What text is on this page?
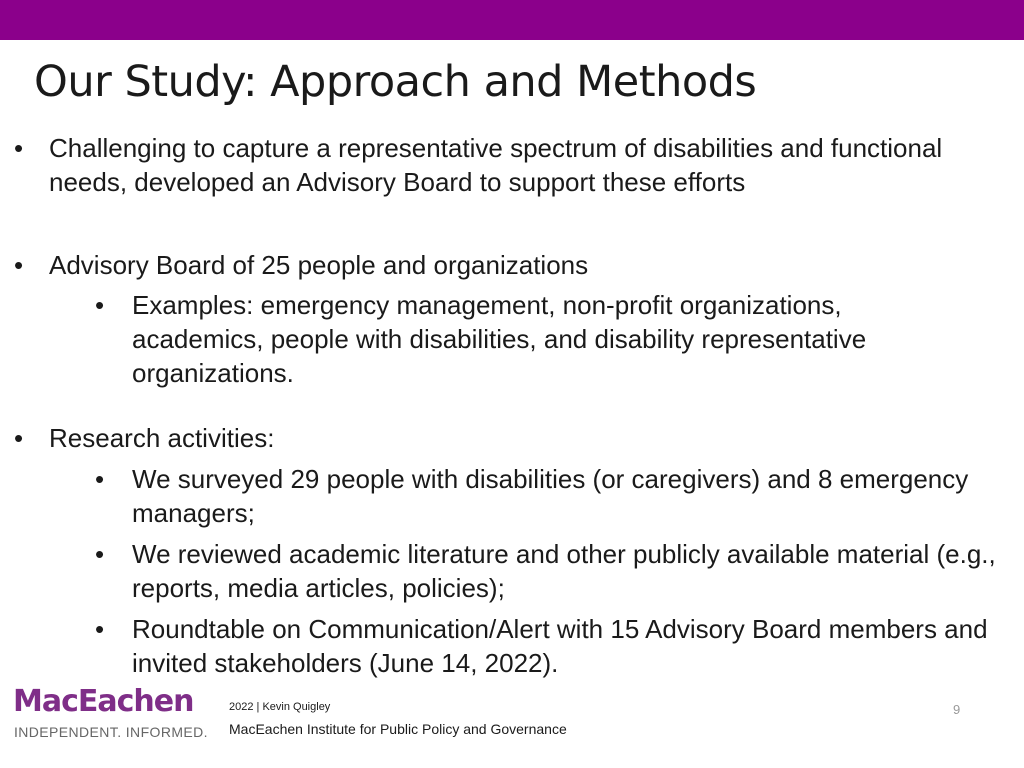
Our Study: Approach and Methods
• Challenging to capture a representative spectrum of disabilities and functional needs, developed an Advisory Board to support these efforts
• Advisory Board of 25 people and organizations
• Examples: emergency management, non-profit organizations, academics, people with disabilities, and disability representative organizations.
• Research activities:
• We surveyed 29 people with disabilities (or caregivers) and 8 emergency managers;
• We reviewed academic literature and other publicly available material (e.g., reports, media articles, policies);
• Roundtable on Communication/Alert with 15 Advisory Board members and invited stakeholders (June 14, 2022).
MacEachen
INDEPENDENT. INFORMED.
2022 | Kevin Quigley
MacEachen Institute for Public Policy and Governance
9
